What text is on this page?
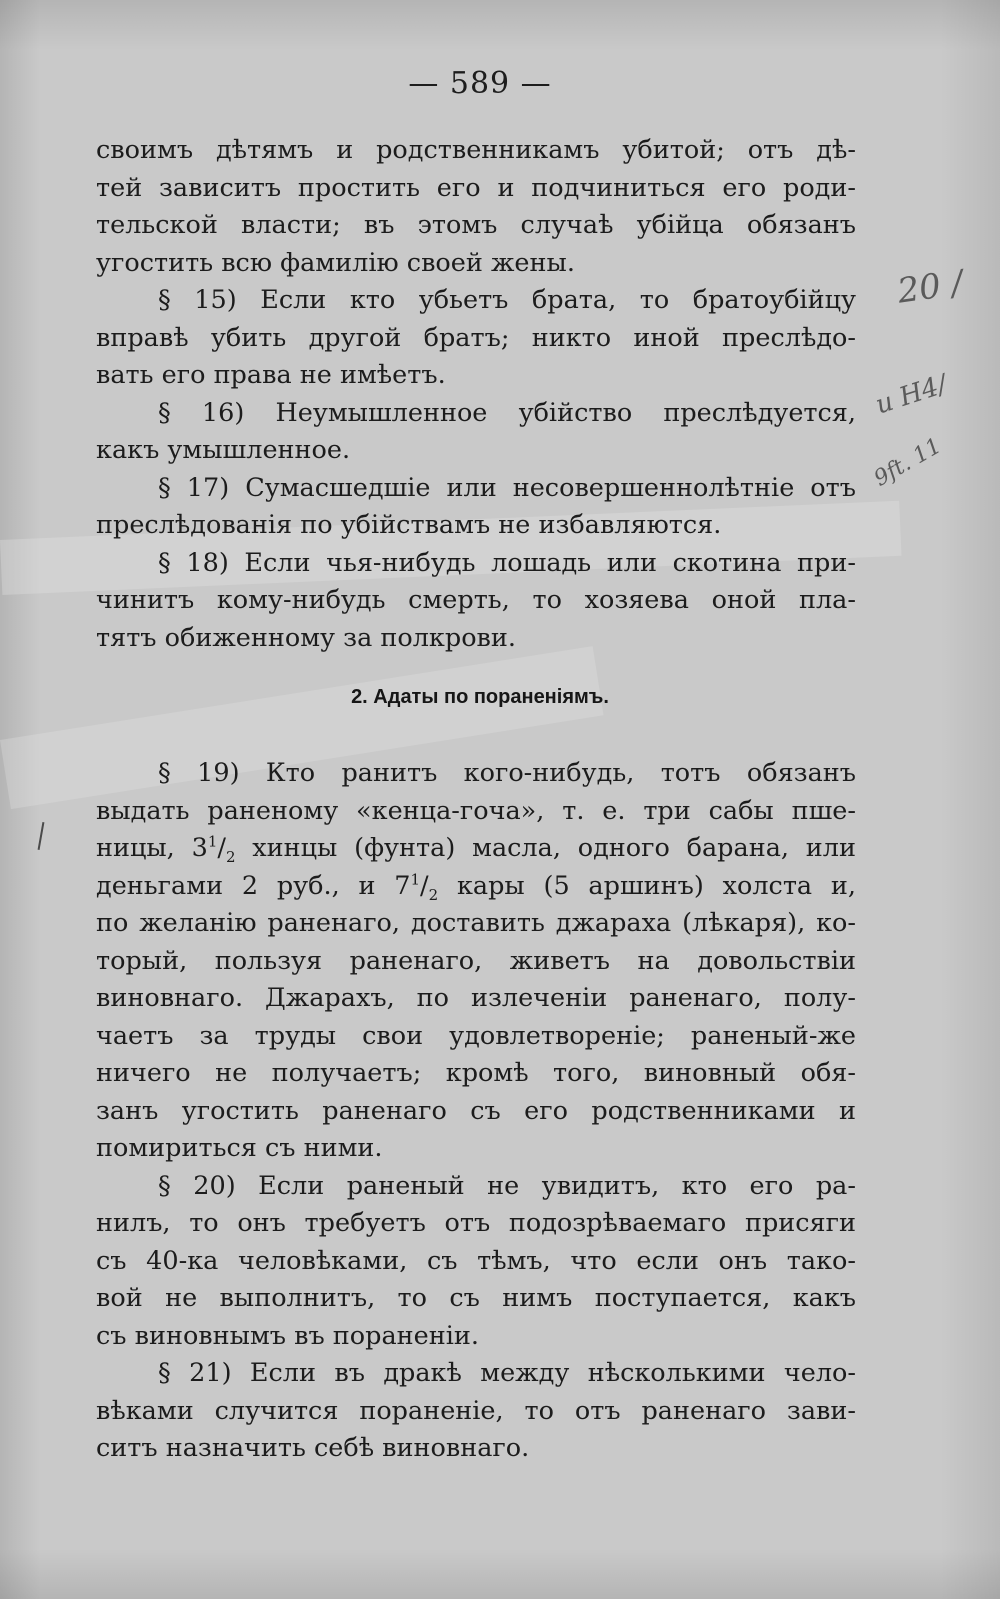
— 589 —
своимъ дѣтямъ и родственникамъ убитой; отъ дѣ-
тей зависитъ простить его и подчиниться его роди-
тельской власти; въ этомъ случаѣ убійца обязанъ
угостить всю фамилію своей жены.
§ 15) Если кто убьетъ брата, то братоубійцу
вправѣ убить другой братъ; никто иной преслѣдо-
вать его права не имѣетъ.
§ 16) Неумышленное убійство преслѣдуется,
какъ умышленное.
§ 17) Сумасшедшіе или несовершеннолѣтніе отъ
преслѣдованія по убійствамъ не избавляются.
§ 18) Если чья-нибудь лошадь или скотина при-
чинитъ кому-нибудь смерть, то хозяева оной пла-
тятъ обиженному за полкрови.
2. Адаты по пораненіямъ.
§ 19) Кто ранитъ кого-нибудь, тотъ обязанъ
выдать раненому «кенца-гоча», т. е. три сабы пше-
ницы, $3^1/_2$ хинцы (фунта) масла, одного барана, или
деньгами 2 руб., и $7^1/_2$ кары (5 аршинъ) холста и,
по желанію раненаго, доставить джараха (лѣкаря), ко-
торый, пользуя раненаго, живетъ на довольствіи
виновнаго. Джарахъ, по излеченіи раненаго, полу-
чаетъ за труды свои удовлетвореніе; раненый-же
ничего не получаетъ; кромѣ того, виновный обя-
занъ угостить раненаго съ его родственниками и
помириться съ ними.
§ 20) Если раненый не увидитъ, кто его ра-
нилъ, то онъ требуетъ отъ подозрѣваемаго присяги
съ 40-ка человѣками, съ тѣмъ, что если онъ тако-
вой не выполнитъ, то съ нимъ поступается, какъ
съ виновнымъ въ пораненіи.
§ 21) Если въ дракѣ между нѣсколькими чело-
вѣками случится пораненіе, то отъ раненаго зави-
ситъ назначить себѣ виновнаго.
20 /
и Н4/
9ft. 11
